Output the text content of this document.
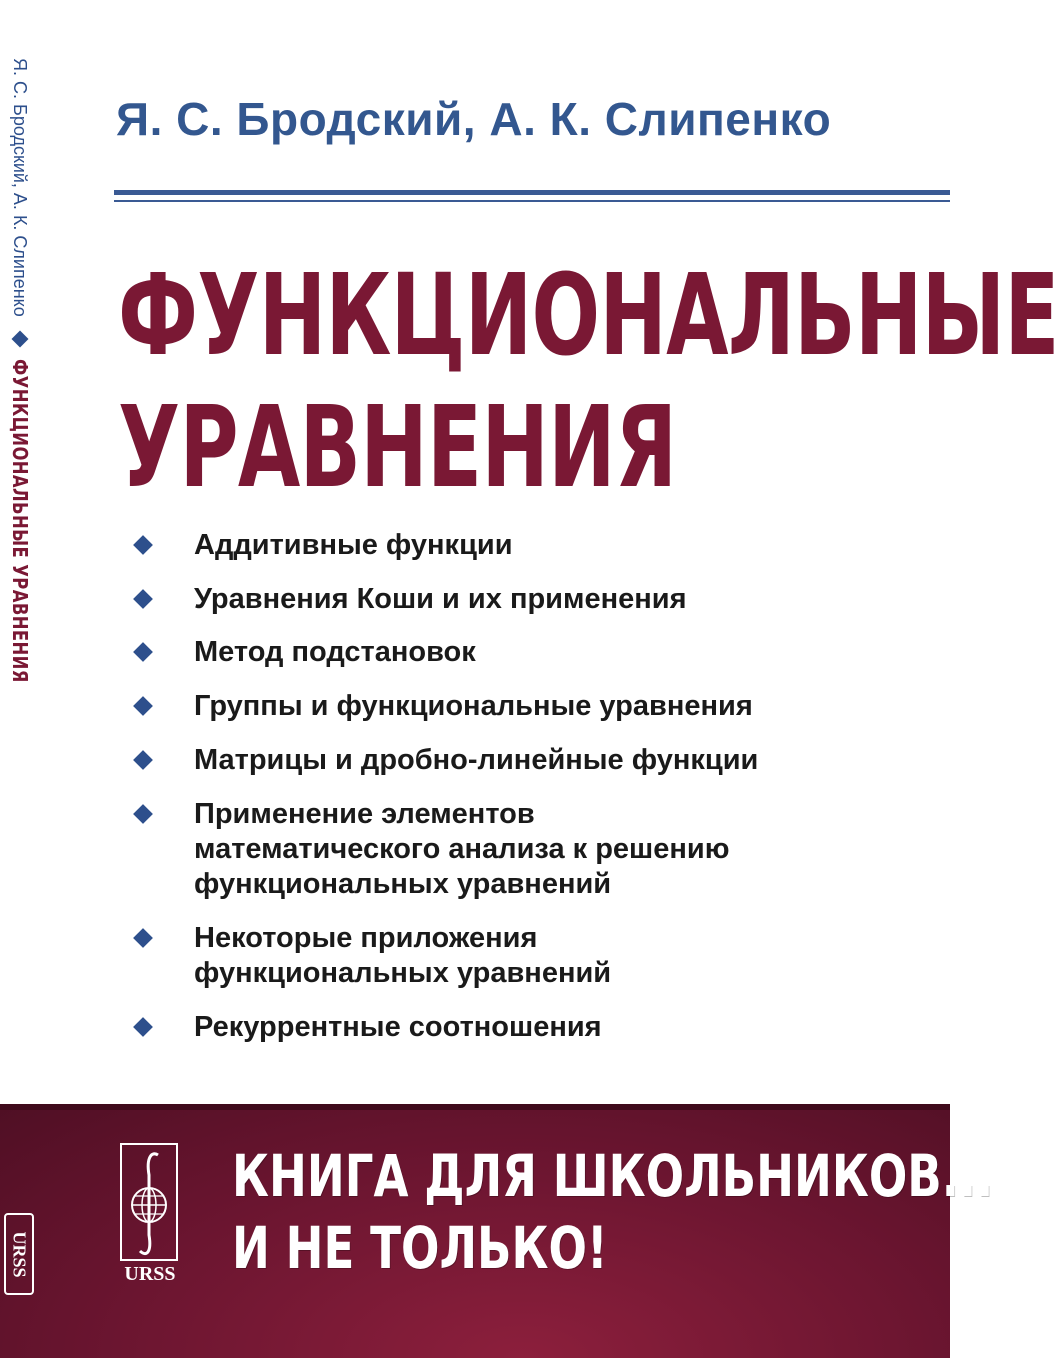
Я. С. Бродский, А. К. Слипенко
ФУНКЦИОНАЛЬНЫЕ УРАВНЕНИЯ
Я. С. Бродский, А. К. Слипенко
ФУНКЦИОНАЛЬНЫЕ
УРАВНЕНИЯ
Аддитивные функции
Уравнения Коши и их применения
Метод подстановок
Группы и функциональные уравнения
Матрицы и дробно-линейные функции
Применение элементов
математического анализа к решению
функциональных уравнений
Некоторые приложения
функциональных уравнений
Рекуррентные соотношения
URSS	URSS
КНИГА ДЛЯ ШКОЛЬНИКОВ...
И НЕ ТОЛЬКО!
